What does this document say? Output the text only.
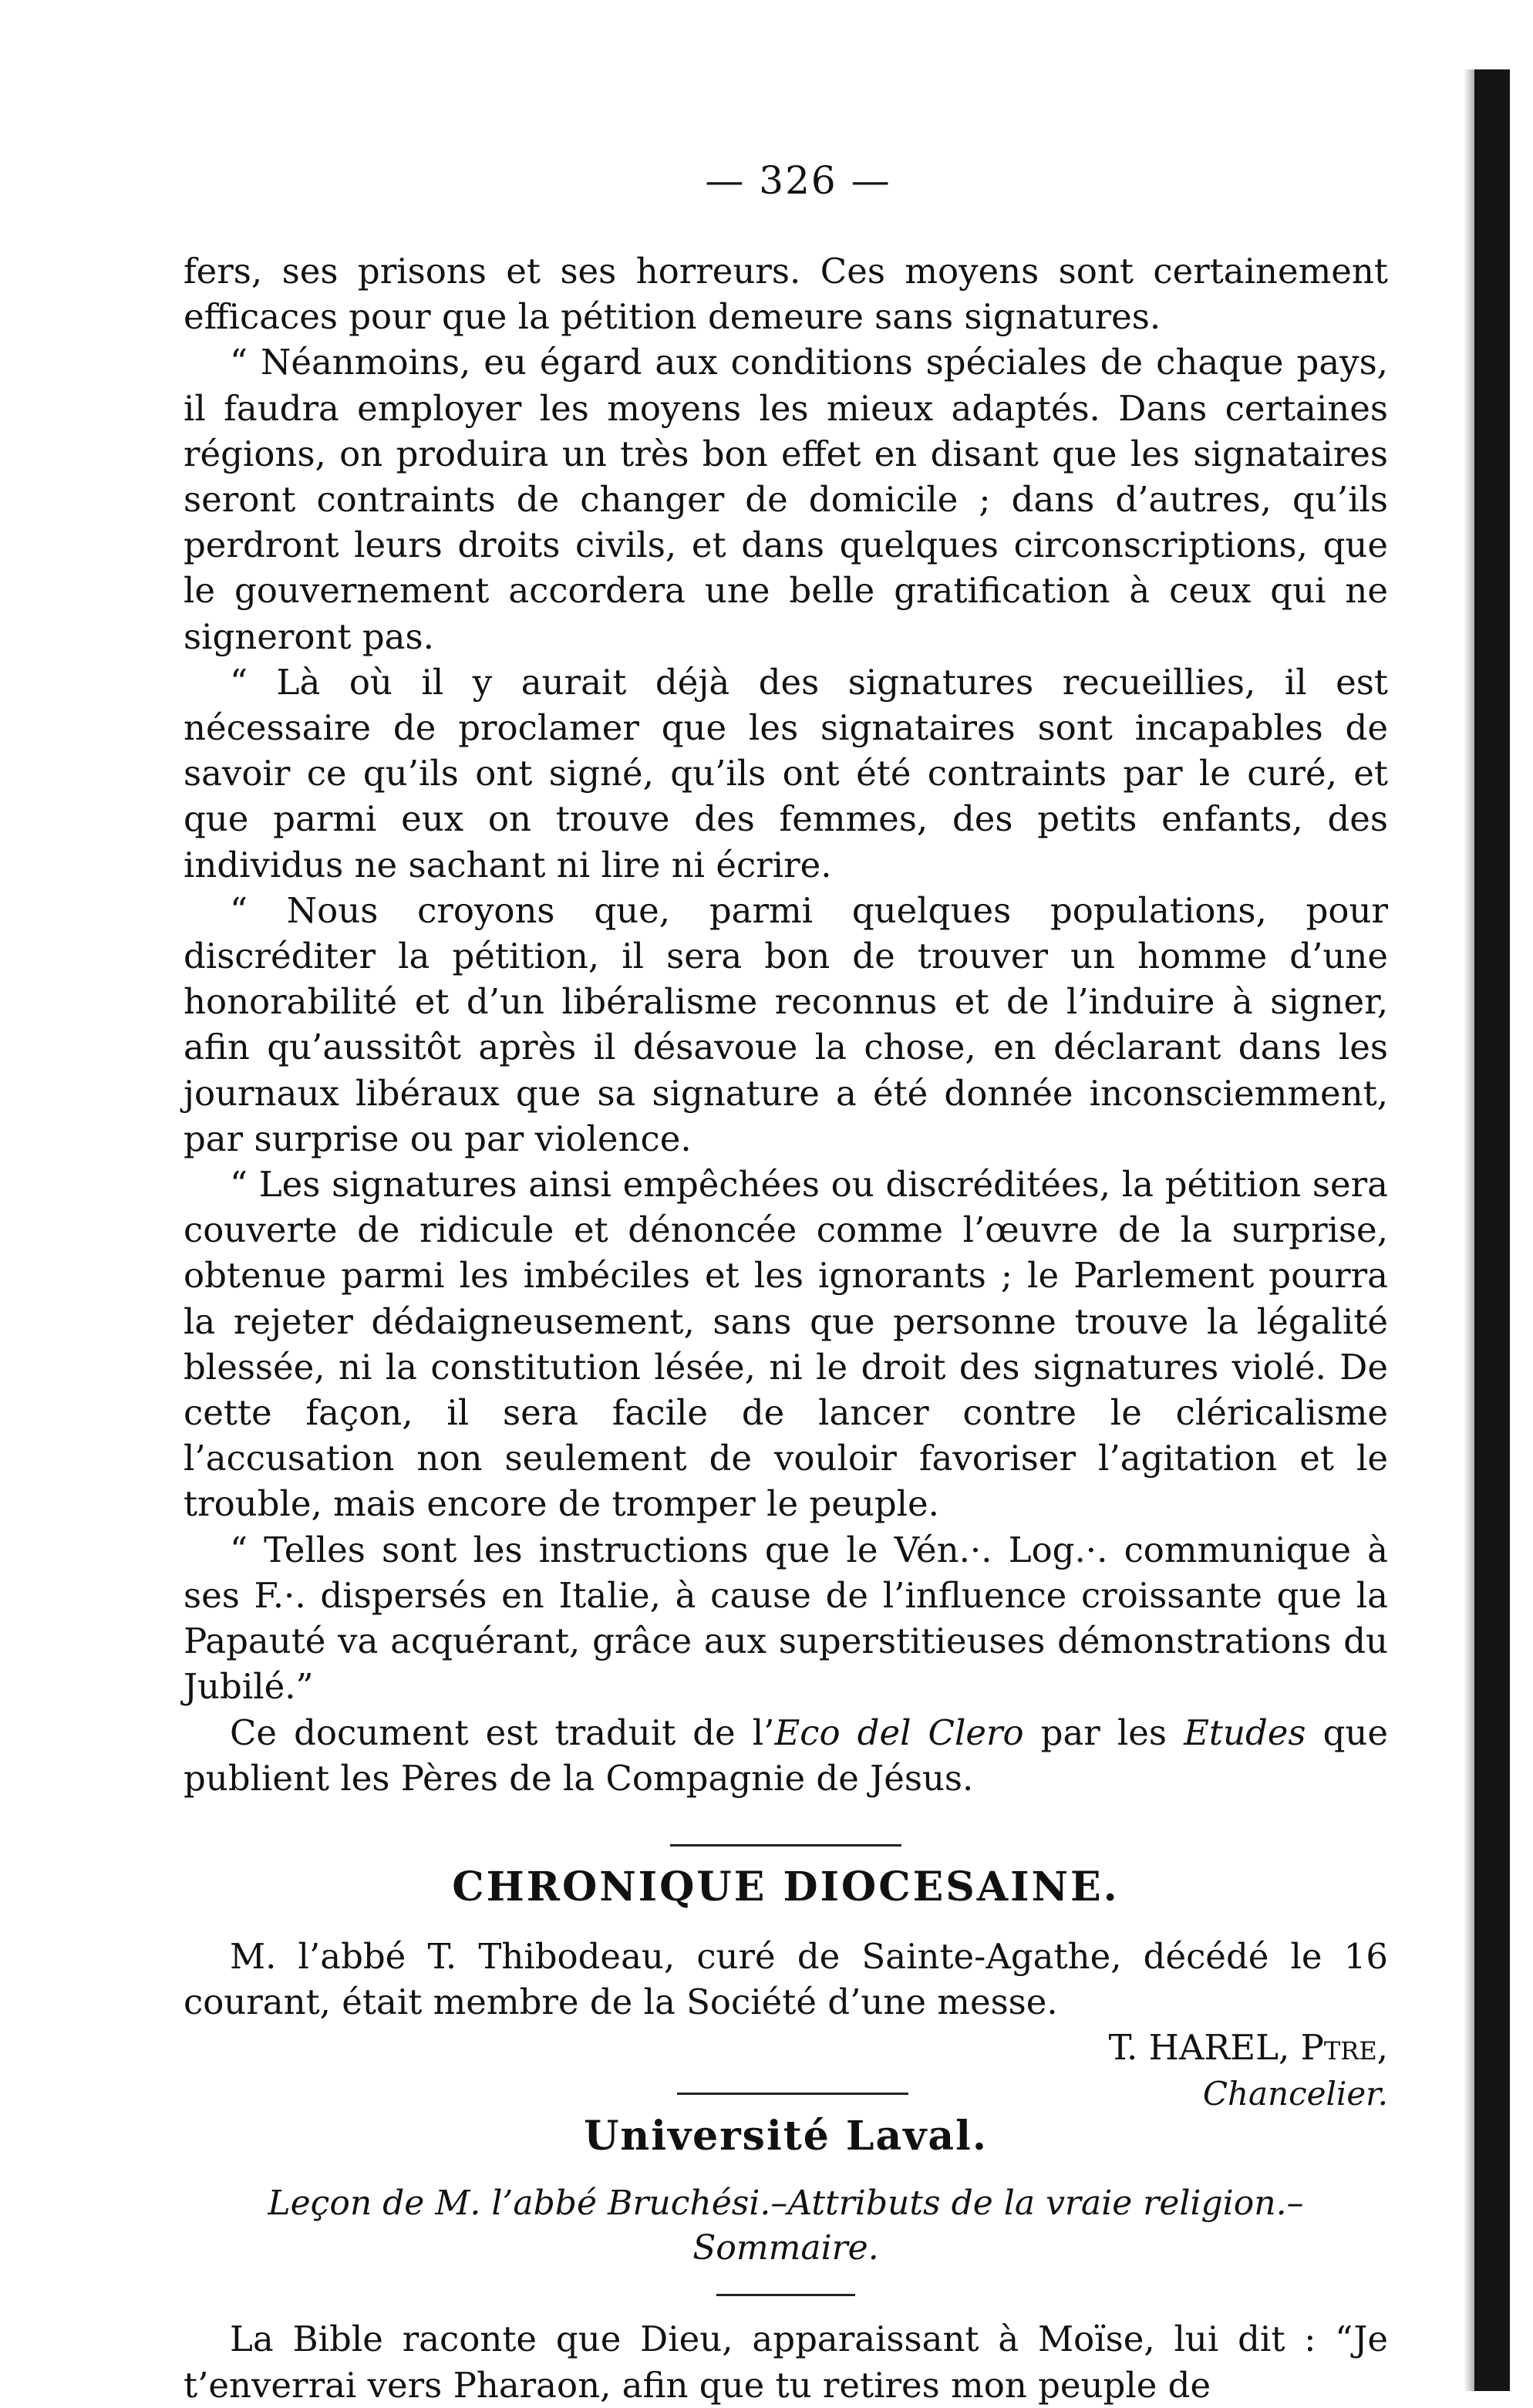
— 326 —

fers, ses prisons et ses horreurs. Ces moyens sont certainement efficaces pour que la pétition demeure sans signatures.

“ Néanmoins, eu égard aux conditions spéciales de chaque pays, il faudra employer les moyens les mieux adaptés. Dans certaines régions, on produira un très bon effet en disant que les signataires seront contraints de changer de domicile ; dans d’autres, qu’ils perdront leurs droits civils, et dans quelques circonscriptions, que le gouvernement accordera une belle gratification à ceux qui ne signeront pas.

“ Là où il y aurait déjà des signatures recueillies, il est nécessaire de proclamer que les signataires sont incapables de savoir ce qu’ils ont signé, qu’ils ont été contraints par le curé, et que parmi eux on trouve des femmes, des petits enfants, des individus ne sachant ni lire ni écrire.

“ Nous croyons que, parmi quelques populations, pour discréditer la pétition, il sera bon de trouver un homme d’une honorabilité et d’un libéralisme reconnus et de l’induire à signer, afin qu’aussitôt après il désavoue la chose, en déclarant dans les journaux libéraux que sa signature a été donnée inconsciemment, par surprise ou par violence.

“ Les signatures ainsi empêchées ou discréditées, la pétition sera couverte de ridicule et dénoncée comme l’œuvre de la surprise, obtenue parmi les imbéciles et les ignorants ; le Parlement pourra la rejeter dédaigneusement, sans que personne trouve la légalité blessée, ni la constitution lésée, ni le droit des signatures violé. De cette façon, il sera facile de lancer contre le cléricalisme l’accusation non seulement de vouloir favoriser l’agitation et le trouble, mais encore de tromper le peuple.

“ Telles sont les instructions que le Vén.·. Log.·. communique à ses F.·. dispersés en Italie, à cause de l’influence croissante que la Papauté va acquérant, grâce aux superstitieuses démonstrations du Jubilé.”

Ce document est traduit de l’Eco del Clero par les Etudes que publient les Pères de la Compagnie de Jésus.

CHRONIQUE DIOCESAINE.

M. l’abbé T. Thibodeau, curé de Sainte-Agathe, décédé le 16 courant, était membre de la Société d’une messe.

T. HAREL, Ptre,

Chancelier.
Université Laval.

Leçon de M. l’abbé Bruchési.–Attributs de la vraie religion.–Sommaire.

La Bible raconte que Dieu, apparaissant à Moïse, lui dit : “Je t’enverrai vers Pharaon, afin que tu retires mon peuple de
